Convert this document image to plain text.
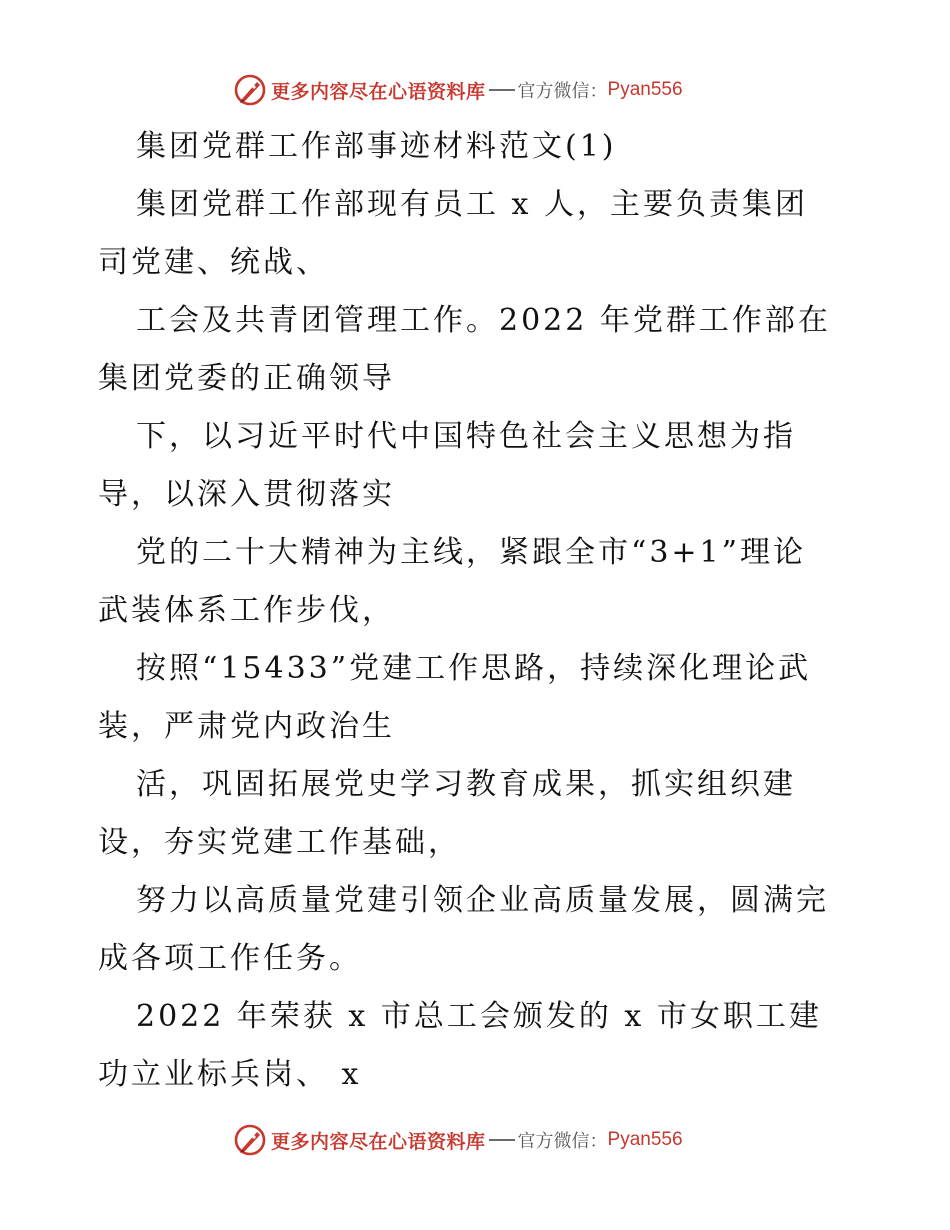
更多内容尽在心语资料库 官方微信： Pyan556
集团党群工作部事迹材料范文(1)
集团党群工作部现有员工 x 人，主要负责集团
司党建、统战、
工会及共青团管理工作。2022 年党群工作部在
集团党委的正确领导
下，以习近平时代中国特色社会主义思想为指
导，以深入贯彻落实
党的二十大精神为主线，紧跟全市“3+1”理论
武装体系工作步伐，
按照“15433”党建工作思路，持续深化理论武
装，严肃党内政治生
活，巩固拓展党史学习教育成果，抓实组织建
设，夯实党建工作基础，
努力以高质量党建引领企业高质量发展，圆满完
成各项工作任务。
2022 年荣获 x 市总工会颁发的 x 市女职工建
功立业标兵岗、 x
更多内容尽在心语资料库 官方微信： Pyan556
